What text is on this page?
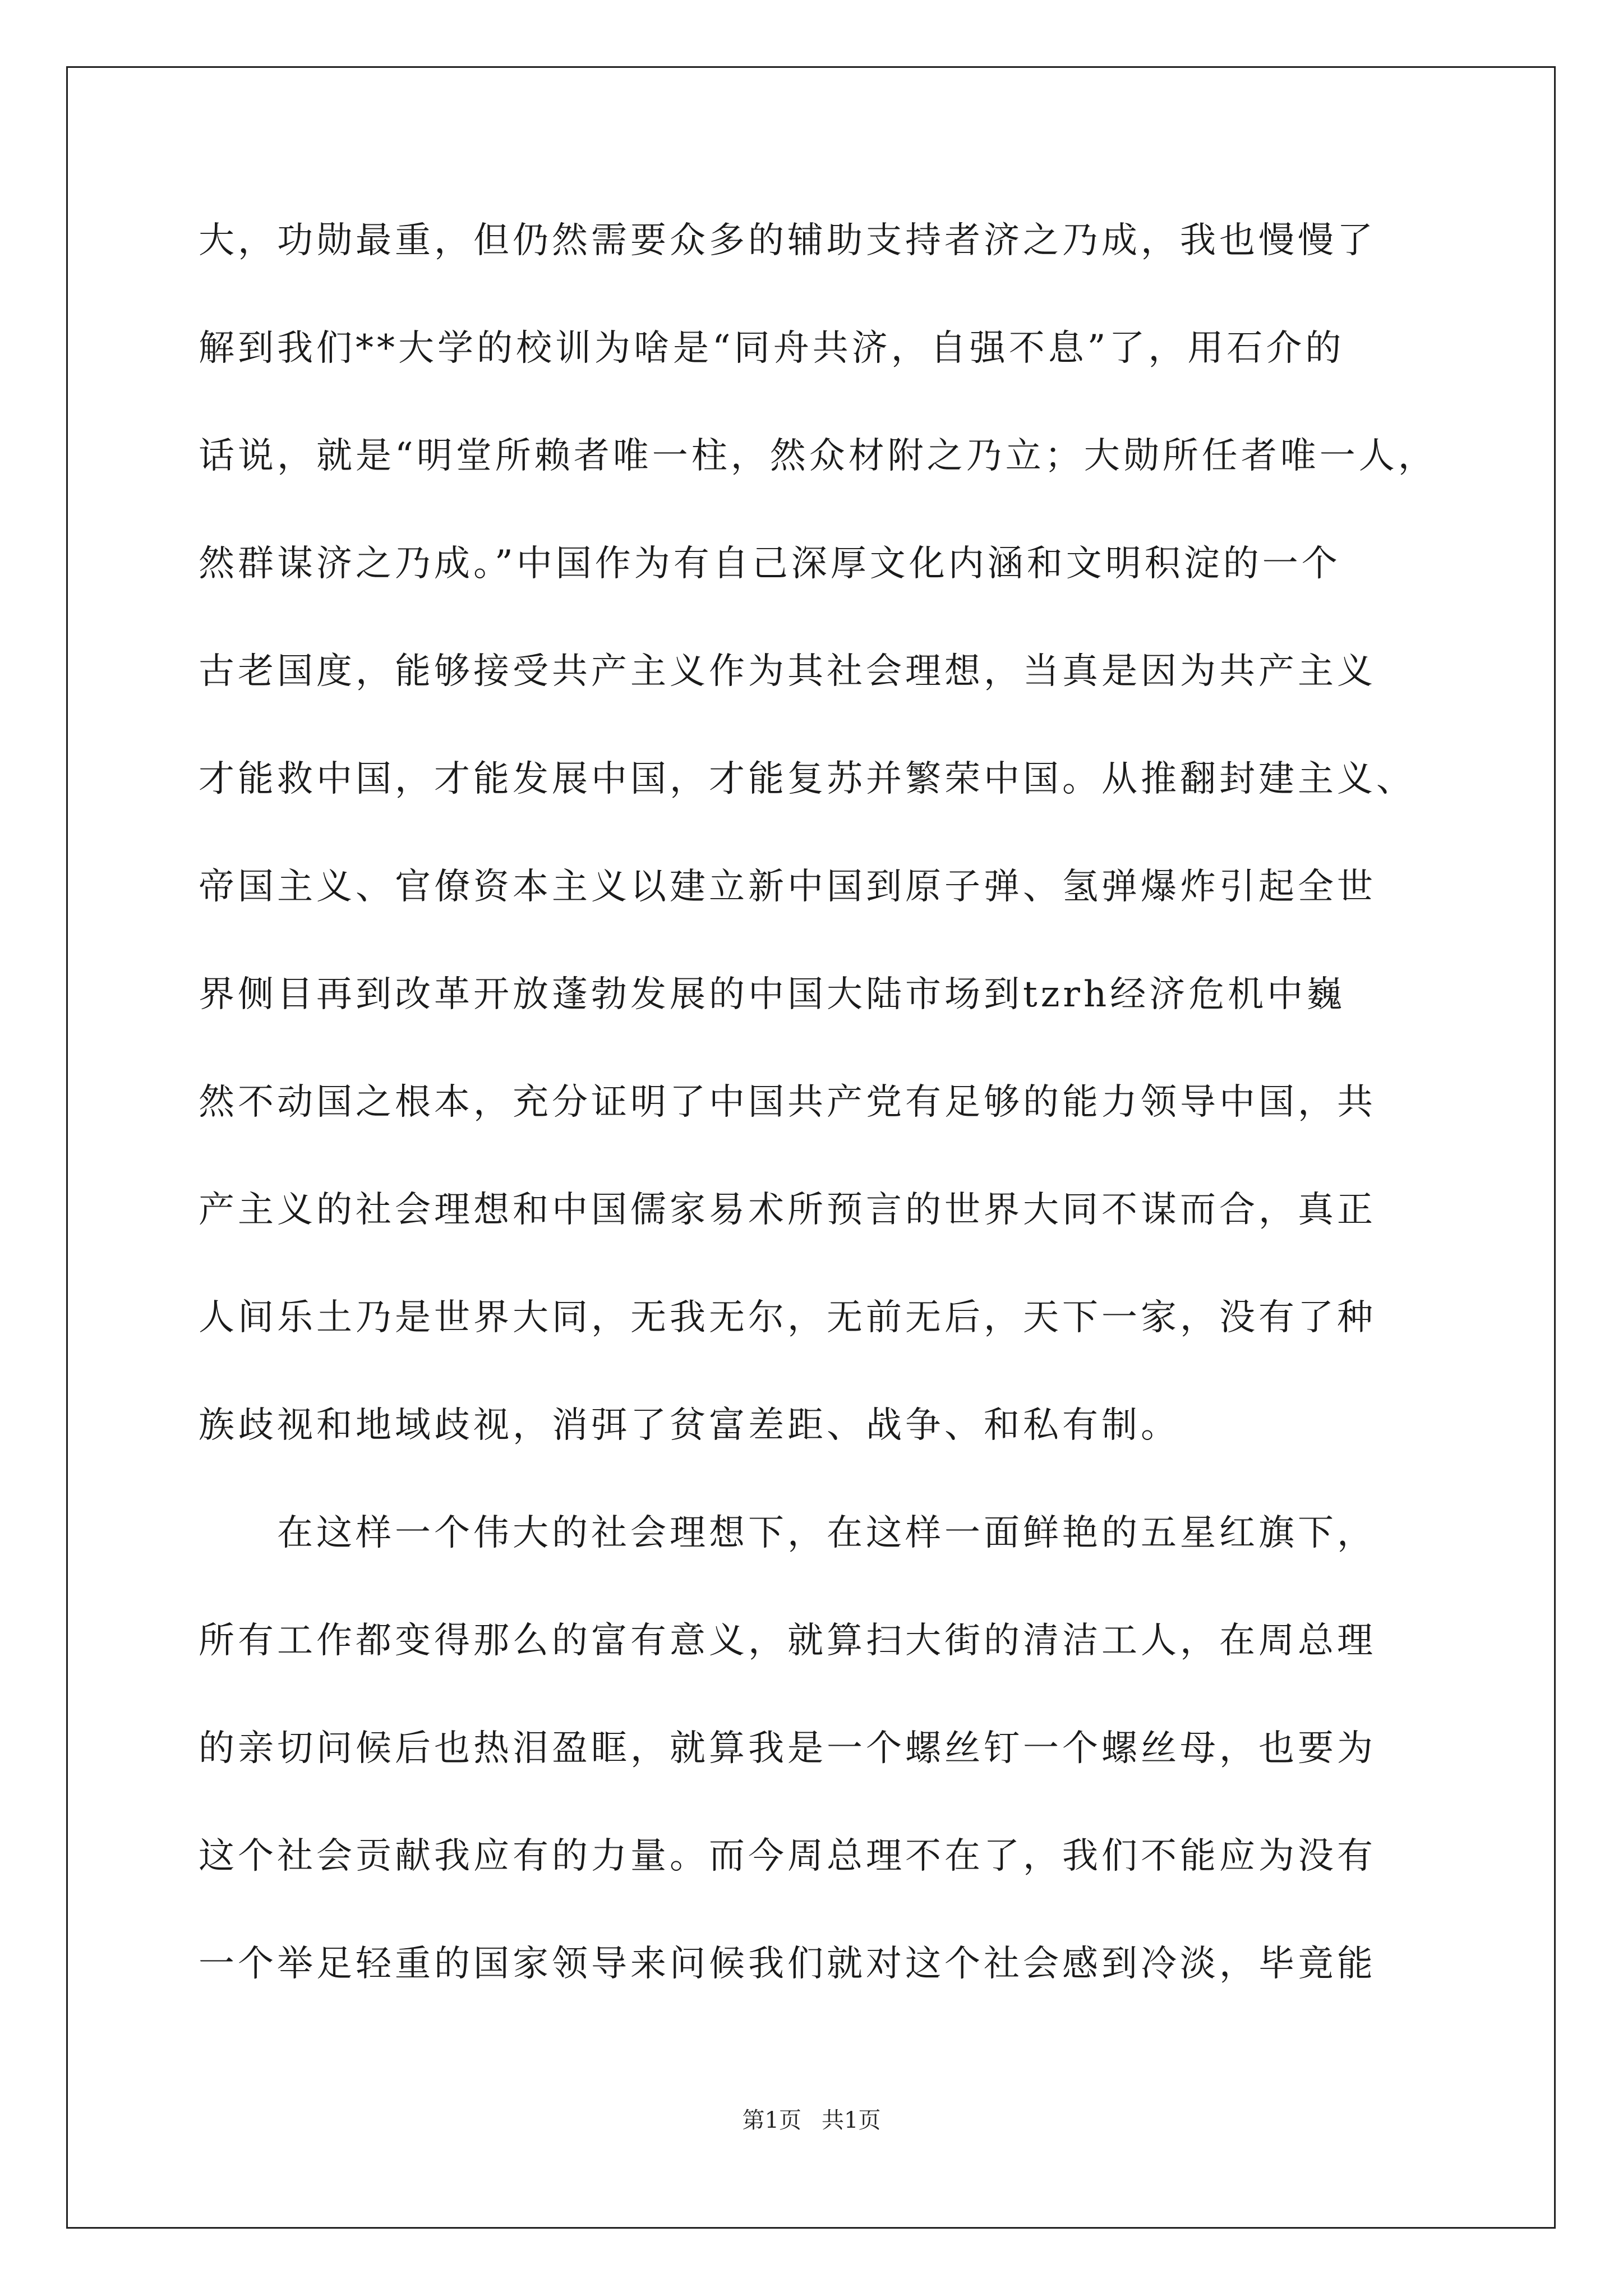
大，功勋最重，但仍然需要众多的辅助支持者济之乃成，我也慢慢了
解到我们**大学的校训为啥是“同舟共济，自强不息”了，用石介的
话说，就是“明堂所赖者唯一柱，然众材附之乃立；大勋所任者唯一人，
然群谋济之乃成。”中国作为有自己深厚文化内涵和文明积淀的一个
古老国度，能够接受共产主义作为其社会理想，当真是因为共产主义
才能救中国，才能发展中国，才能复苏并繁荣中国。从推翻封建主义、
帝国主义、官僚资本主义以建立新中国到原子弹、氢弹爆炸引起全世
界侧目再到改革开放蓬勃发展的中国大陆市场到tzrh经济危机中巍
然不动国之根本，充分证明了中国共产党有足够的能力领导中国，共
产主义的社会理想和中国儒家易术所预言的世界大同不谋而合，真正
人间乐土乃是世界大同，无我无尔，无前无后，天下一家，没有了种
族歧视和地域歧视，消弭了贫富差距、战争、和私有制。
在这样一个伟大的社会理想下，在这样一面鲜艳的五星红旗下，
所有工作都变得那么的富有意义，就算扫大街的清洁工人，在周总理
的亲切问候后也热泪盈眶，就算我是一个螺丝钉一个螺丝母，也要为
这个社会贡献我应有的力量。而今周总理不在了，我们不能应为没有
一个举足轻重的国家领导来问候我们就对这个社会感到冷淡，毕竟能
第1页 共1页
